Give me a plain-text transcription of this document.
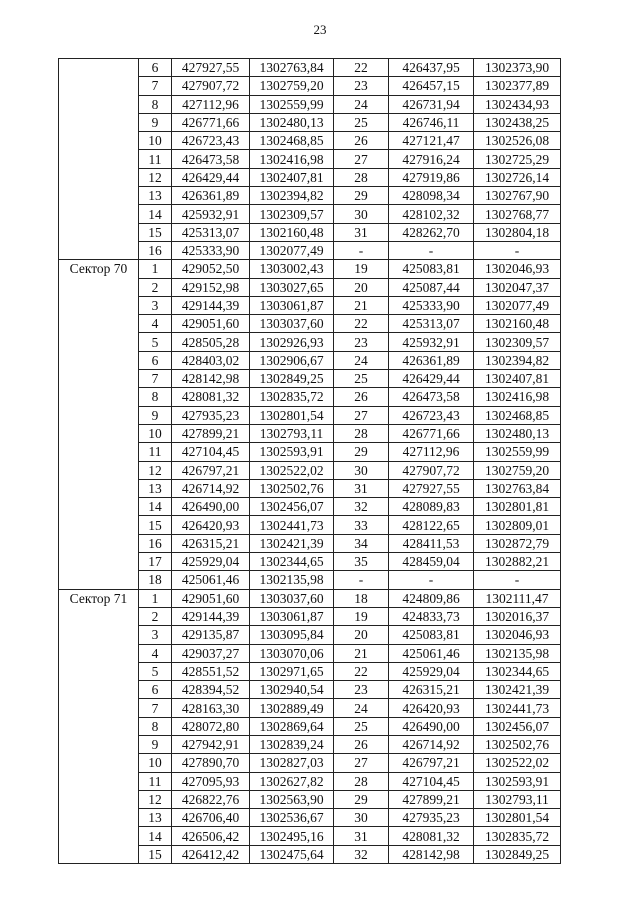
23
	6	427927,55	1302763,84	22	426437,95	1302373,90
	7	427907,72	1302759,20	23	426457,15	1302377,89
	8	427112,96	1302559,99	24	426731,94	1302434,93
	9	426771,66	1302480,13	25	426746,11	1302438,25
	10	426723,43	1302468,85	26	427121,47	1302526,08
	11	426473,58	1302416,98	27	427916,24	1302725,29
	12	426429,44	1302407,81	28	427919,86	1302726,14
	13	426361,89	1302394,82	29	428098,34	1302767,90
	14	425932,91	1302309,57	30	428102,32	1302768,77
	15	425313,07	1302160,48	31	428262,70	1302804,18
	16	425333,90	1302077,49	-	-	-
Сектор 70	1	429052,50	1303002,43	19	425083,81	1302046,93
	2	429152,98	1303027,65	20	425087,44	1302047,37
	3	429144,39	1303061,87	21	425333,90	1302077,49
	4	429051,60	1303037,60	22	425313,07	1302160,48
	5	428505,28	1302926,93	23	425932,91	1302309,57
	6	428403,02	1302906,67	24	426361,89	1302394,82
	7	428142,98	1302849,25	25	426429,44	1302407,81
	8	428081,32	1302835,72	26	426473,58	1302416,98
	9	427935,23	1302801,54	27	426723,43	1302468,85
	10	427899,21	1302793,11	28	426771,66	1302480,13
	11	427104,45	1302593,91	29	427112,96	1302559,99
	12	426797,21	1302522,02	30	427907,72	1302759,20
	13	426714,92	1302502,76	31	427927,55	1302763,84
	14	426490,00	1302456,07	32	428089,83	1302801,81
	15	426420,93	1302441,73	33	428122,65	1302809,01
	16	426315,21	1302421,39	34	428411,53	1302872,79
	17	425929,04	1302344,65	35	428459,04	1302882,21
	18	425061,46	1302135,98	-	-	-
Сектор 71	1	429051,60	1303037,60	18	424809,86	1302111,47
	2	429144,39	1303061,87	19	424833,73	1302016,37
	3	429135,87	1303095,84	20	425083,81	1302046,93
	4	429037,27	1303070,06	21	425061,46	1302135,98
	5	428551,52	1302971,65	22	425929,04	1302344,65
	6	428394,52	1302940,54	23	426315,21	1302421,39
	7	428163,30	1302889,49	24	426420,93	1302441,73
	8	428072,80	1302869,64	25	426490,00	1302456,07
	9	427942,91	1302839,24	26	426714,92	1302502,76
	10	427890,70	1302827,03	27	426797,21	1302522,02
	11	427095,93	1302627,82	28	427104,45	1302593,91
	12	426822,76	1302563,90	29	427899,21	1302793,11
	13	426706,40	1302536,67	30	427935,23	1302801,54
	14	426506,42	1302495,16	31	428081,32	1302835,72
	15	426412,42	1302475,64	32	428142,98	1302849,25
